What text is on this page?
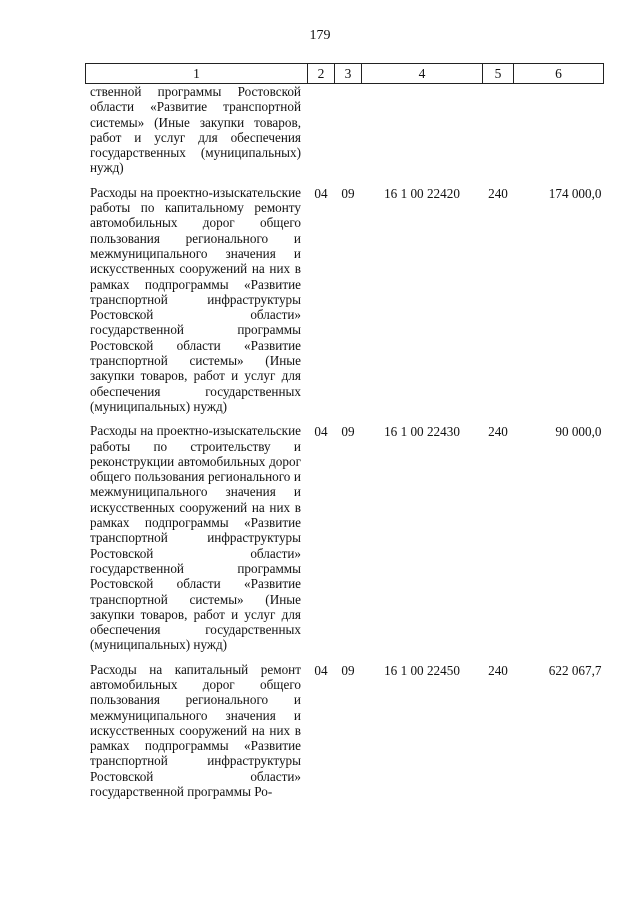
179
1	2	3	4	5	6
ственной программы Ростовской области «Развитие транспортной системы» (Иные закупки товаров, работ и услуг для обеспечения государственных (муниципальных) нужд)					
Расходы на проектно-изыскательские работы по капитальному ремонту автомобильных дорог общего пользования регионального и межмуниципального значения и искусственных сооружений на них в рамках подпрограммы «Развитие транспортной инфраструктуры Ростовской области» государственной программы Ростовской области «Развитие транспортной системы» (Иные закупки товаров, работ и услуг для обеспечения государственных (муниципальных) нужд)	04	09	16 1 00 22420	240	174 000,0
Расходы на проектно-изыскательские работы по строительству и реконструкции автомобильных дорог общего пользования регионального и межмуниципального значения и искусственных сооружений на них в рамках подпрограммы «Развитие транспортной инфраструктуры Ростовской области» государственной программы Ростовской области «Развитие транспортной системы» (Иные закупки товаров, работ и услуг для обеспечения государственных (муниципальных) нужд)	04	09	16 1 00 22430	240	90 000,0
Расходы на капитальный ремонт автомобильных дорог общего пользования регионального и межмуниципального значения и искусственных сооружений на них в рамках подпрограммы «Развитие транспортной инфраструктуры Ростовской области» государственной программы Ро-	04	09	16 1 00 22450	240	622 067,7
